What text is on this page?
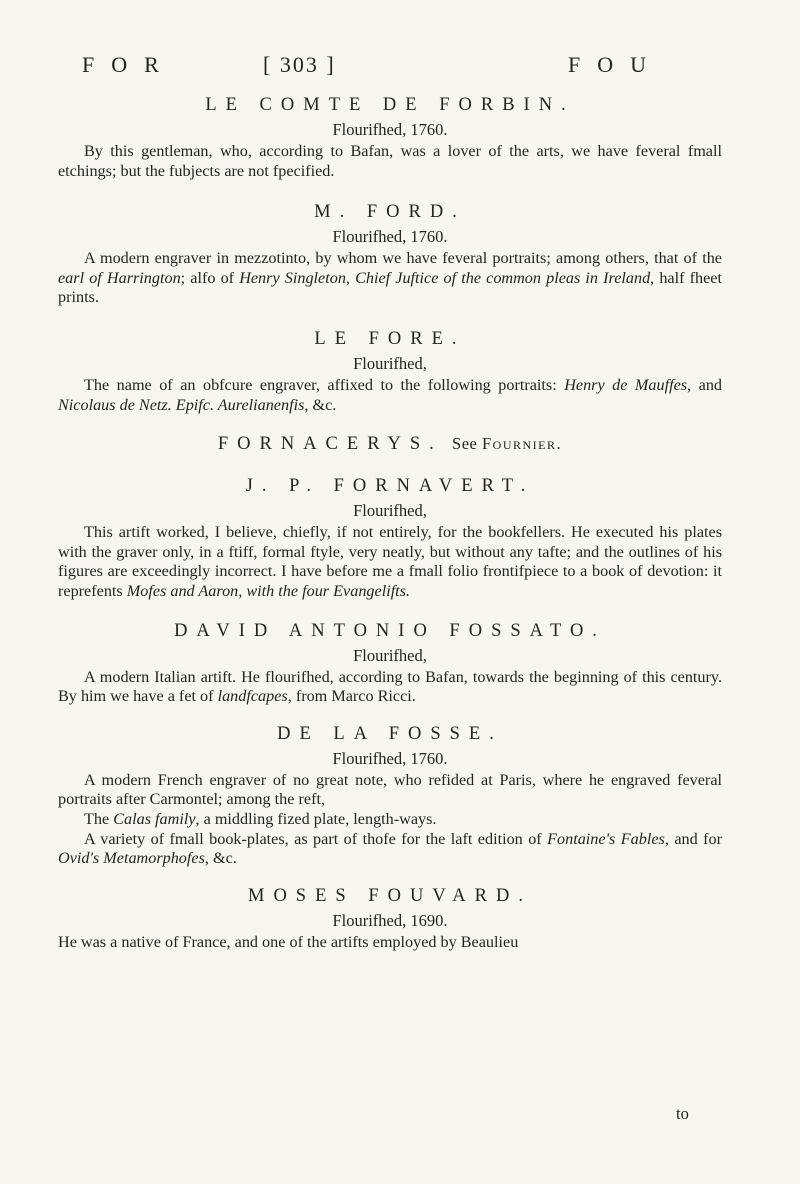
FOR	[ 303 ]	FOU

LE COMTE DE FORBIN.

Flourifhed, 1760.

By this gentleman, who, according to Bafan, was a lover of the arts, we have feveral fmall etchings; but the fubjects are not fpecified.

M. FORD.

Flourifhed, 1760.

A modern engraver in mezzotinto, by whom we have feveral portraits; among others, that of the earl of Harrington; alfo of Henry Singleton, Chief Juftice of the common pleas in Ireland, half fheet prints.

LE FORE.

Flourifhed,

The name of an obfcure engraver, affixed to the following portraits: Henry de Mauffes, and Nicolaus de Netz. Epifc. Aurelianenfis, &c.

FORNACERYS. See Fournier.

J. P. FORNAVERT.

Flourifhed,

This artift worked, I believe, chiefly, if not entirely, for the bookfellers. He executed his plates with the graver only, in a ftiff, formal ftyle, very neatly, but without any tafte; and the outlines of his figures are exceedingly incorrect. I have before me a fmall folio frontifpiece to a book of devotion: it reprefents Mofes and Aaron, with the four Evangelifts.

DAVID ANTONIO FOSSATO.

Flourifhed,

A modern Italian artift. He flourifhed, according to Bafan, towards the beginning of this century. By him we have a fet of landfcapes, from Marco Ricci.

DE LA FOSSE.

Flourifhed, 1760.

A modern French engraver of no great note, who refided at Paris, where he engraved feveral portraits after Carmontel; among the reft,

The Calas family, a middling fized plate, length-ways.

A variety of fmall book-plates, as part of thofe for the laft edition of Fontaine's Fables, and for Ovid's Metamorphofes, &c.

MOSES FOUVARD.

Flourifhed, 1690.

He was a native of France, and one of the artifts employed by Beaulieu

to
